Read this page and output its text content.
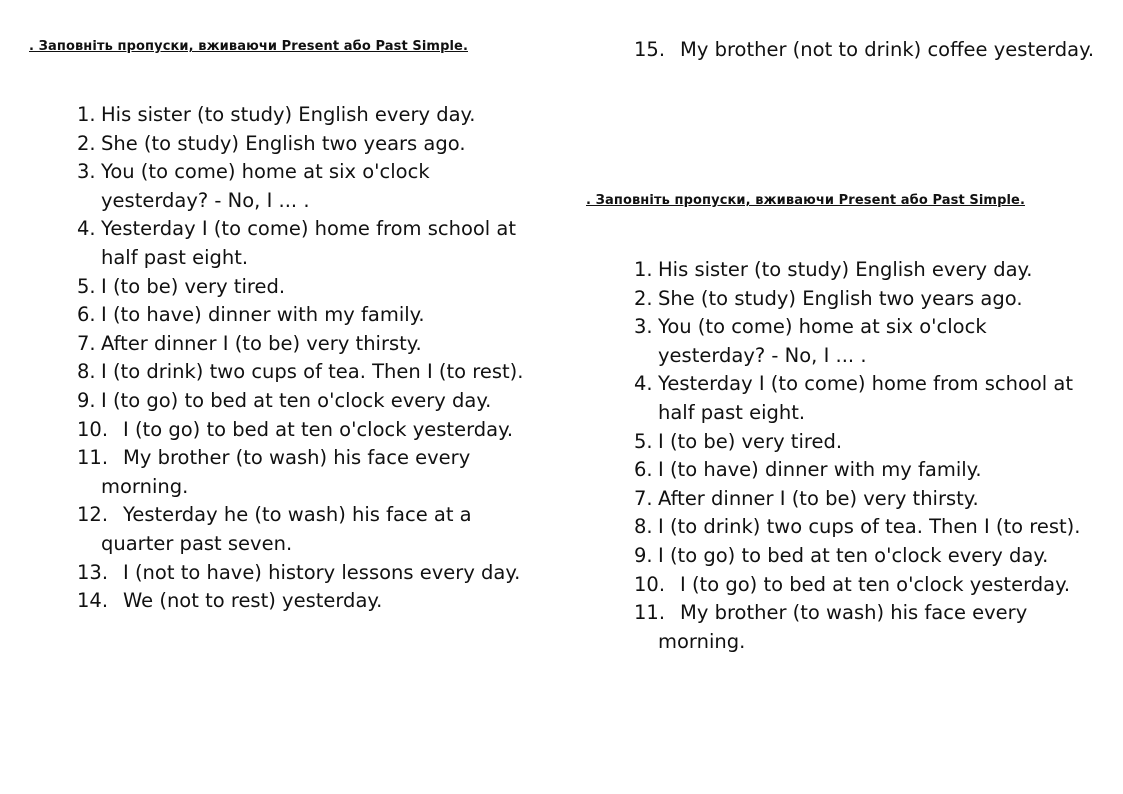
. Заповніть пропуски, вживаючи Present або Past Simple.

1. His sister (to study) English every day.
2. She (to study) English two years ago.
3. You (to come) home at six o'clock yesterday? - No, I ... .
4. Yesterday I (to come) home from school at half past eight.
5. I (to be) very tired.
6. I (to have) dinner with my family.
7. After dinner I (to be) very thirsty.
8. I (to drink) two cups of tea. Then I (to rest).
9. I (to go) to bed at ten o'clock every day.
10. I (to go) to bed at ten o'clock yesterday.
11. My brother (to wash) his face every morning.
12. Yesterday he (to wash) his face at a quarter past seven.
13. I (not to have) history lessons every day.
14. We (not to rest) yesterday.
15. My brother (not to drink) coffee yesterday.

. Заповніть пропуски, вживаючи Present або Past Simple.

1. His sister (to study) English every day.
2. She (to study) English two years ago.
3. You (to come) home at six o'clock yesterday? - No, I ... .
4. Yesterday I (to come) home from school at half past eight.
5. I (to be) very tired.
6. I (to have) dinner with my family.
7. After dinner I (to be) very thirsty.
8. I (to drink) two cups of tea. Then I (to rest).
9. I (to go) to bed at ten o'clock every day.
10. I (to go) to bed at ten o'clock yesterday.
11. My brother (to wash) his face every morning.
